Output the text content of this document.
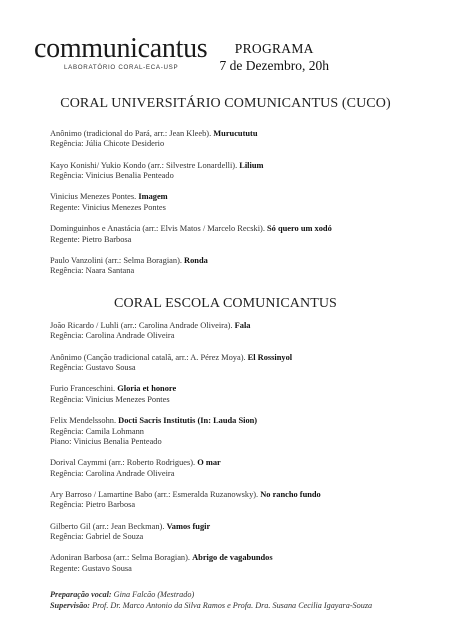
communicantus
LABORATÓRIO CORAL-ECA-USP
PROGRAMA
7 de Dezembro, 20h
CORAL UNIVERSITÁRIO COMUNICANTUS (CUCO)

Anônimo (tradicional do Pará, arr.: Jean Kleeb). Murucututu

Regência: Júlia Chicote Desiderio

Kayo Konishi/ Yukio Kondo (arr.: Silvestre Lonardelli). Lilium

Regência: Vinicius Benalia Penteado

Vinicius Menezes Pontes. Imagem

Regente: Vinicius Menezes Pontes

Dominguinhos e Anastácia (arr.: Elvis Matos / Marcelo Recski). Só quero um xodó

Regente: Pietro Barbosa

Paulo Vanzolini (arr.: Selma Boragian). Ronda

Regência: Naara Santana

CORAL ESCOLA COMUNICANTUS

João Ricardo / Luhli (arr.: Carolina Andrade Oliveira). Fala

Regência: Carolina Andrade Oliveira

Anônimo (Canção tradicional catalã, arr.: A. Pérez Moya). El Rossinyol

Regência: Gustavo Sousa

Furio Franceschini. Gloria et honore

Regência: Vinicius Menezes Pontes

Felix Mendelssohn. Docti Sacris Institutis (In: Lauda Sion)

Regência: Camila Lohmann

Piano: Vinicius Benalia Penteado

Dorival Caymmi (arr.: Roberto Rodrigues). O mar

Regência: Carolina Andrade Oliveira

Ary Barroso / Lamartine Babo (arr.: Esmeralda Ruzanowsky). No rancho fundo

Regência: Pietro Barbosa

Gilberto Gil (arr.: Jean Beckman). Vamos fugir

Regência: Gabriel de Souza

Adoniran Barbosa (arr.: Selma Boragian). Abrigo de vagabundos

Regente: Gustavo Sousa

Preparação vocal: Gina Falcão (Mestrado)

Supervisão: Prof. Dr. Marco Antonio da Silva Ramos e Profa. Dra. Susana Cecilia Igayara-Souza
